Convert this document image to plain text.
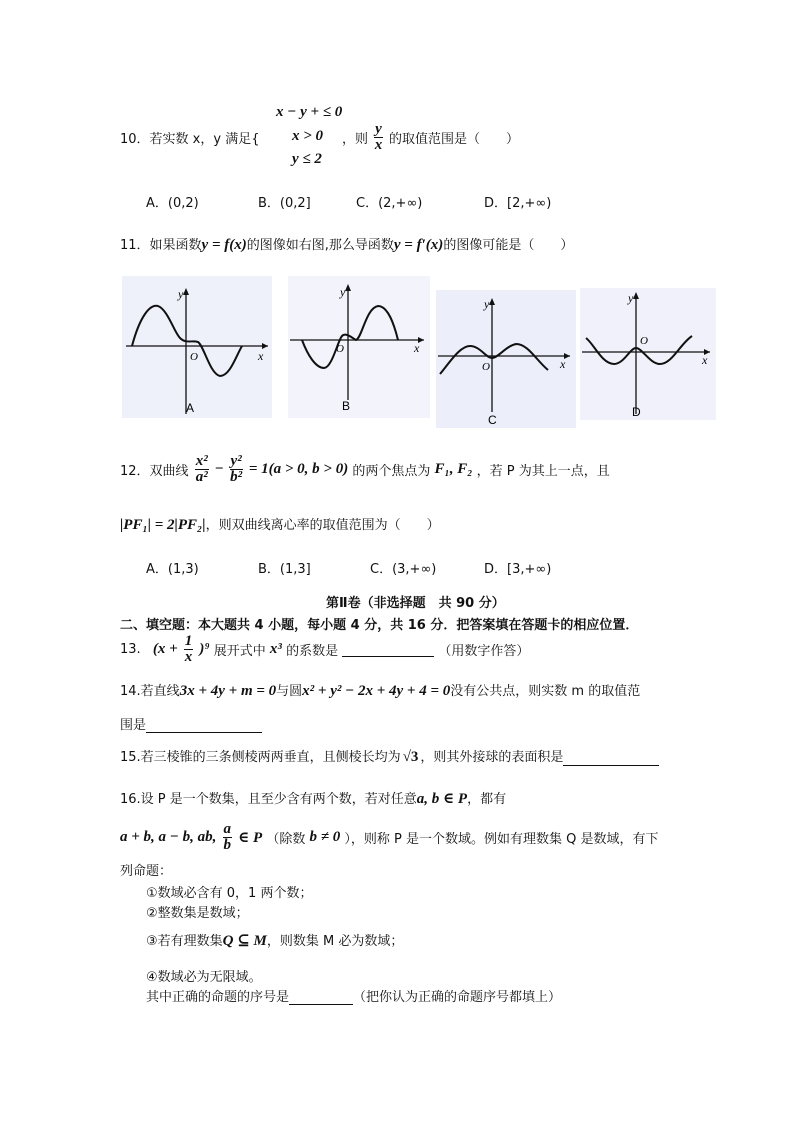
x − y + ≤ 0
x > 0
y ≤ 2
10．若实数 x，y 满足{	，则 $\frac{y}{x}$ 的取值范围是（　　）
A．(0,2)	B．(0,2]	C．(2,+∞)	D．[2,+∞)
11．如果函数y = f(x)的图像如右图,那么导函数y = f′(x)的图像可能是（　　）
y
x
O
A
y
x
O
B
y
x
O
C
y
x
O
D
12．双曲线 $\frac{\text{x²}}{\text{a²}} - \frac{\text{y²}}{\text{b²}} = 1(a > 0$, b > 0) 的两个焦点为 F₁, F₂ ，若 P 为其上一点，且
|PF₁| = 2|PF₂|，则双曲线离心率的取值范围为（　　）
A．(1,3)	B．(1,3]	C．(3,+∞)	D．[3,+∞)
第Ⅱ卷（非选择题　共 90 分）
二、填空题：本大题共 4 小题，每小题 4 分，共 16 分．把答案填在答题卡的相应位置．
13. $(x + \frac{1}{x} )^9$ 展开式中 x³ 的系数是	（用数字作答）
14.若直线3x + 4y + m = 0与圆x² + y² − 2x + 4y + 4 = 0没有公共点，则实数 m 的取值范
围是
15.若三棱锥的三条侧棱两两垂直，且侧棱长均为 √3 ，则其外接球的表面积是
16.设 P 是一个数集，且至少含有两个数，若对任意a, b ∈ P，都有
a + b, a − b, ab, $\frac{a}{b}$ ∈ P （除数 b ≠ 0 ），则称 P 是一个数域。例如有理数集 Q 是数域，有下
列命题：
①数域必含有 0，1 两个数；
②整数集是数域；
③若有理数集Q ⊆ M，则数集 M 必为数域；
④数域必为无限域。
其中正确的命题的序号是	（把你认为正确的命题序号都填上）
